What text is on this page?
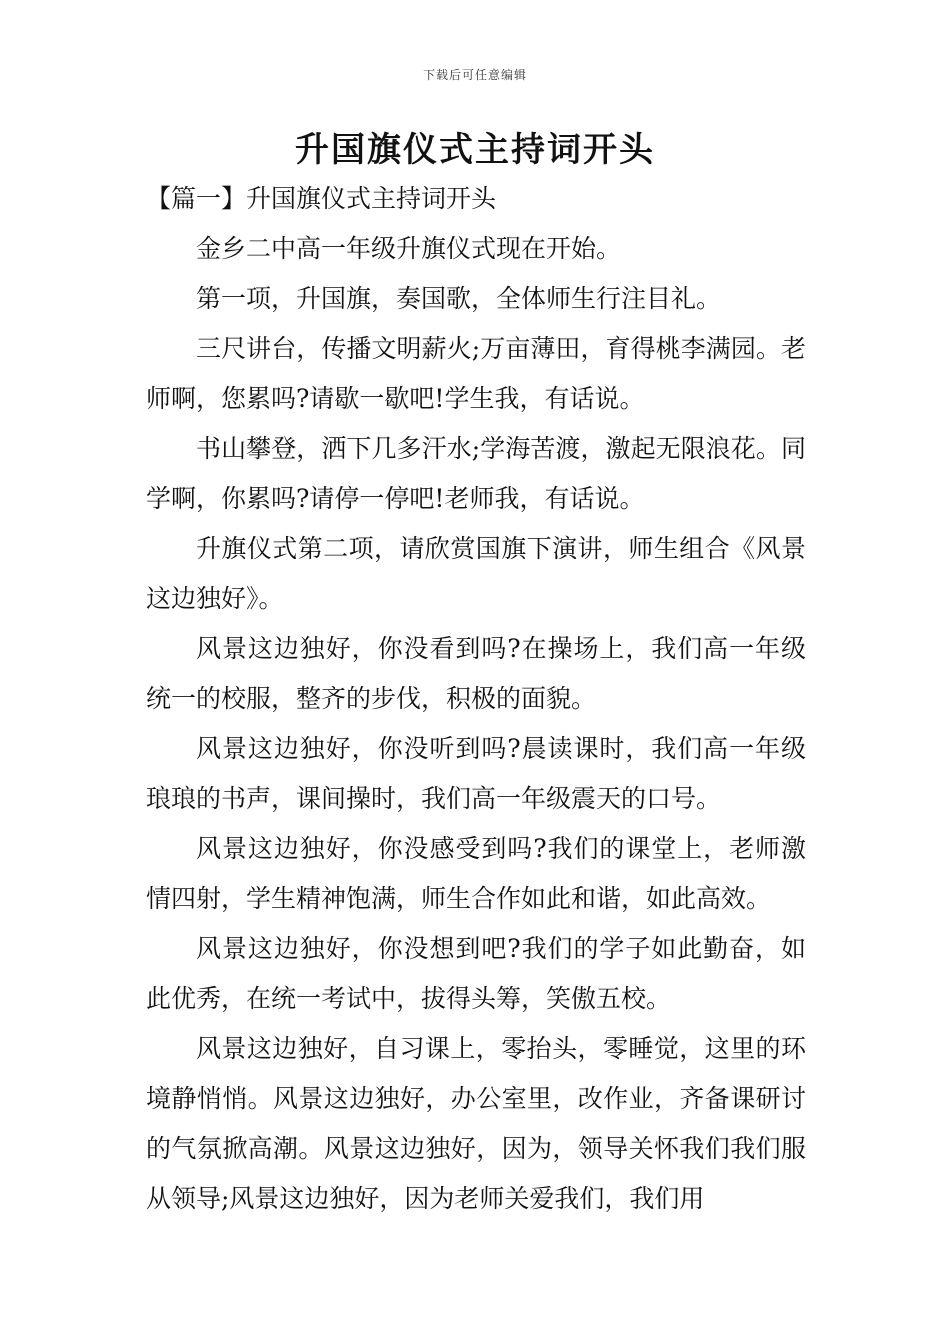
下载后可任意编辑
升国旗仪式主持词开头

【篇一】升国旗仪式主持词开头

金乡二中高一年级升旗仪式现在开始。

第一项，升国旗，奏国歌，全体师生行注目礼。

三尺讲台，传播文明薪火;万亩薄田，育得桃李满园。老师啊，您累吗?请歇一歇吧!学生我，有话说。

书山攀登，洒下几多汗水;学海苦渡，激起无限浪花。同学啊，你累吗?请停一停吧!老师我，有话说。

升旗仪式第二项，请欣赏国旗下演讲，师生组合《风景这边独好》。

风景这边独好，你没看到吗?在操场上，我们高一年级统一的校服，整齐的步伐，积极的面貌。

风景这边独好，你没听到吗?晨读课时，我们高一年级琅琅的书声，课间操时，我们高一年级震天的口号。

风景这边独好，你没感受到吗?我们的课堂上，老师激情四射，学生精神饱满，师生合作如此和谐，如此高效。

风景这边独好，你没想到吧?我们的学子如此勤奋，如此优秀，在统一考试中，拔得头筹，笑傲五校。

风景这边独好，自习课上，零抬头，零睡觉，这里的环境静悄悄。风景这边独好，办公室里，改作业，齐备课研讨的气氛掀高潮。风景这边独好，因为，领导关怀我们我们服从领导;风景这边独好，因为老师关爱我们，我们用
